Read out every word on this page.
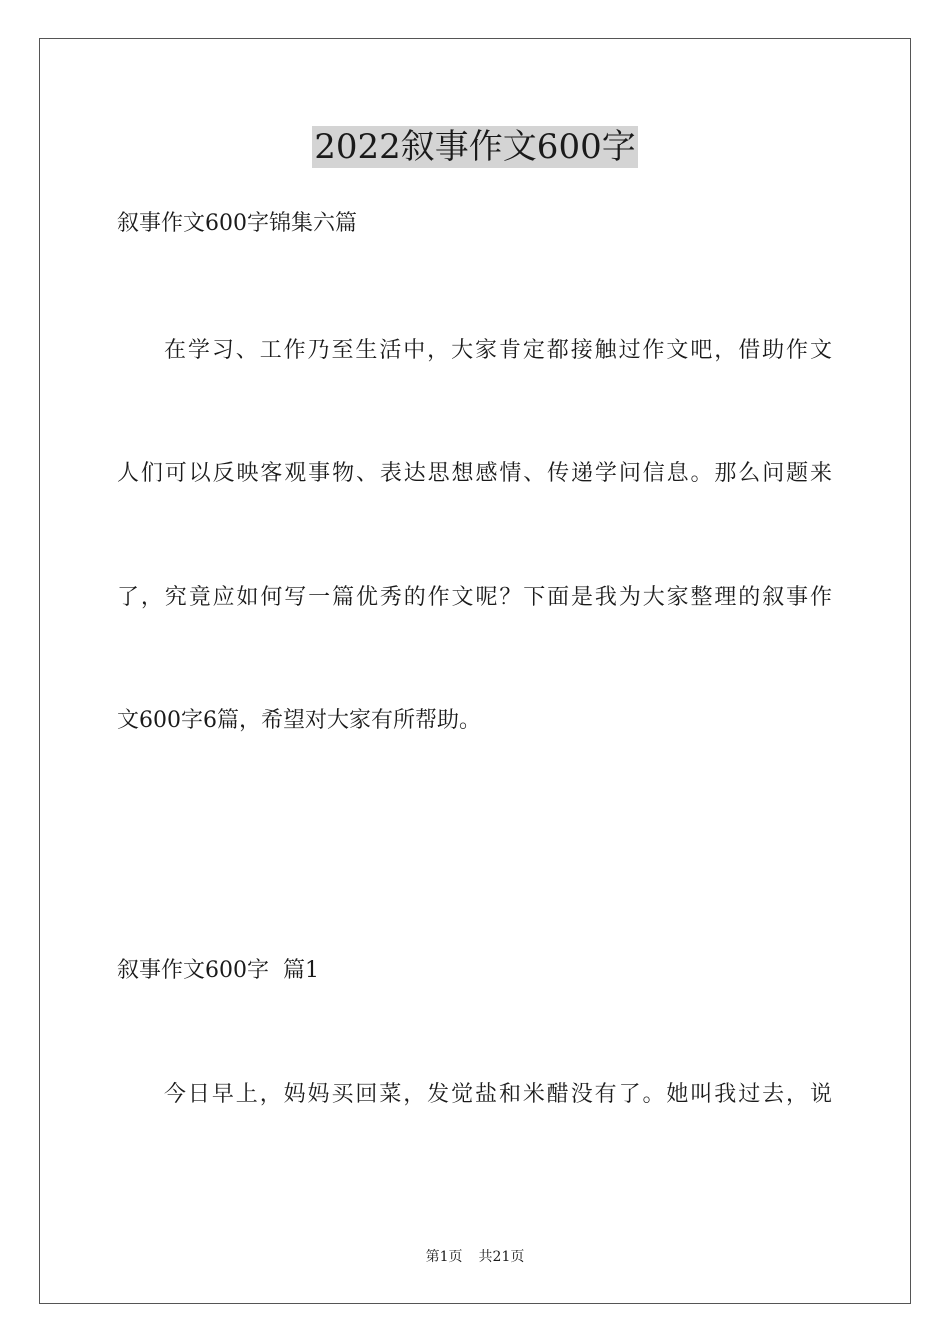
2022叙事作文600字
叙事作文600字锦集六篇
在学习、工作乃至生活中，大家肯定都接触过作文吧，借助作文
人们可以反映客观事物、表达思想感情、传递学问信息。那么问题来
了，究竟应如何写一篇优秀的作文呢？下面是我为大家整理的叙事作
文600字6篇，希望对大家有所帮助。
叙事作文600字  篇1
今日早上，妈妈买回菜，发觉盐和米醋没有了。她叫我过去，说
第1页 共21页
